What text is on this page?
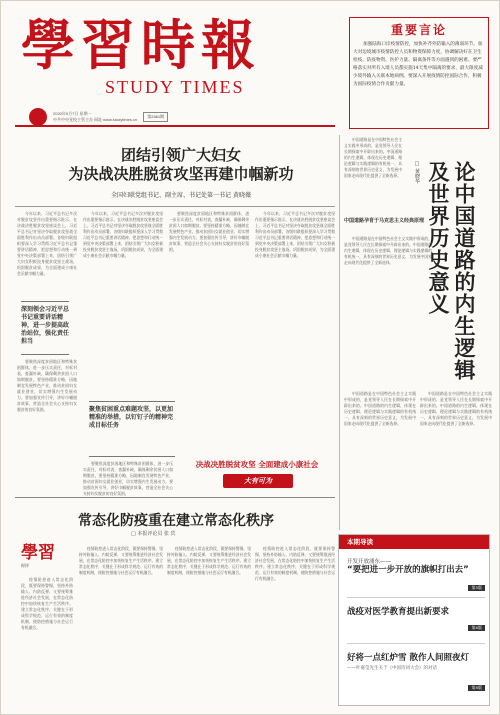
學習時報
STUDY TIMES
2020年9月7日 星期一
中共中央党校主管主办 网址:www.studytimes.cn
第2461期
重要言论
加强陆海口岸疫情防控，加快补齐外防输入的薄弱环节。加大对边境城市疫情防控人员和物资保障力度，协调解决好在卫生检疫、防疫物资、医护力量、隔离条件等方面遇到的困难。要严格落实对所有入境人员都实施14天集中隔离的要求，最大限度减少境外输入关联本地病例。要深入开展疫情防控国际合作，积极为国际疫情合作贡献力量。
团结引领广大妇女
为决战决胜脱贫攻坚再建巾帼新功
全国妇联党组书记、副主席、书记处第一书记 黄晓薇

今年以来，习近平总书记多次对脱贫攻坚作出重要指示批示，在决战决胜脱贫攻坚座谈会上，习近平总书记对坚决夺取脱贫攻坚战全面胜利作出动员部署。各级妇联组织要深入学习贯彻习近平总书记重要讲话精神，把思想和行动统一到党中央决策部署上来，团结引领广大妇女积极投身脱贫攻坚主战场，巩固脱贫成果，为全面建成小康社会贡献巾帼力量。

要聚焦深度贫困地区和特殊贫困群体，进一步压实责任，对标对表，查漏补缺，确保剩余贫困人口如期脱贫。要坚持精准方略，因地制宜发展特色产业，推动贫困妇女就业创业，切实增强内生发展动力。要加强宣传引导，讲好巾帼脱贫故事，营造全社会关心支持妇女脱贫的良好氛围。

今年以来，习近平总书记多次对脱贫攻坚作出重要指示批示，在决战决胜脱贫攻坚座谈会上，习近平总书记对坚决夺取脱贫攻坚战全面胜利作出动员部署。各级妇联组织要深入学习贯彻习近平总书记重要讲话精神，把思想和行动统一到党中央决策部署上来，团结引领广大妇女积极投身脱贫攻坚主战场，巩固脱贫成果，为全面建成小康社会贡献巾帼力量。

要聚焦深度贫困地区和特殊贫困群体，进一步压实责任，对标对表，查漏补缺，确保剩余贫困人口如期脱贫。要坚持精准方略，因地制宜发展特色产业，推动贫困妇女就业创业，切实增强内生发展动力。要加强宣传引导，讲好巾帼脱贫故事，营造全社会关心支持妇女脱贫的良好氛围。

今年以来，习近平总书记多次对脱贫攻坚作出重要指示批示，在决战决胜脱贫攻坚座谈会上，习近平总书记对坚决夺取脱贫攻坚战全面胜利作出动员部署。各级妇联组织要深入学习贯彻习近平总书记重要讲话精神，把思想和行动统一到党中央决策部署上来，团结引领广大妇女积极投身脱贫攻坚主战场，巩固脱贫成果，为全面建成小康社会贡献巾帼力量。

要聚焦深度贫困地区和特殊贫困群体，进一步压实责任，对标对表，查漏补缺，确保剩余贫困人口如期脱贫。要坚持精准方略，因地制宜发展特色产业，推动贫困妇女就业创业，切实增强内生发展动力。要加强宣传引导，讲好巾帼脱贫故事，营造全社会关心支持妇女脱贫的良好氛围。

深刻领会习近平总书记重要讲话精神，进一步提高政治站位，强化责任担当
聚焦贫困重点难题攻坚，以更加精准的举措，以钉钉子的精神完成目标任务
决战决胜脱贫攻坚 全面建成小康社会
大有可为
论中国道路的内生逻辑及世界历史意义
□ 黄晓华
中国道路孕育于马克思主义经典原理

中国道路是在中国特色社会主义实践中形成的，是党领导人民在长期探索中开辟出来的。中国道路的内生逻辑，体现在历史逻辑、理论逻辑与实践逻辑的有机统一，具有深刻的世界历史意义，为发展中国家走向现代化提供了全新选择。

中国道路是在中国特色社会主义实践中形成的，是党领导人民在长期探索中开辟出来的。中国道路的内生逻辑，体现在历史逻辑、理论逻辑与实践逻辑的有机统一，具有深刻的世界历史意义，为发展中国家走向现代化提供了全新选择。

中国道路是在中国特色社会主义实践中形成的，是党领导人民在长期探索中开辟出来的。中国道路的内生逻辑，体现在历史逻辑、理论逻辑与实践逻辑的有机统一，具有深刻的世界历史意义，为发展中国家走向现代化提供了全新选择。

中国道路是在中国特色社会主义实践中形成的，是党领导人民在长期探索中开辟出来的。中国道路的内生逻辑，体现在历史逻辑、理论逻辑与实践逻辑的有机统一，具有深刻的世界历史意义，为发展中国家走向现代化提供了全新选择。

常态化防疫重在建立常态化秩序
□ 本报评论员 张 宾
學習
时评

疫情防控进入常态化阶段，既要保持警惕，坚持外防输入、内防反弹，又要统筹推进经济社会发展，在常态化防控中加快恢复生产生活秩序。建立常态化秩序，关键在于形成科学规范、运行有效的制度机制，使防控措施与社会运行有机融合。

疫情防控进入常态化阶段，既要保持警惕，坚持外防输入、内防反弹，又要统筹推进经济社会发展，在常态化防控中加快恢复生产生活秩序。建立常态化秩序，关键在于形成科学规范、运行有效的制度机制，使防控措施与社会运行有机融合。

疫情防控进入常态化阶段，既要保持警惕，坚持外防输入、内防反弹，又要统筹推进经济社会发展，在常态化防控中加快恢复生产生活秩序。建立常态化秩序，关键在于形成科学规范、运行有效的制度机制，使防控措施与社会运行有机融合。

疫情防控进入常态化阶段，既要保持警惕，坚持外防输入、内防反弹，又要统筹推进经济社会发展，在常态化防控中加快恢复生产生活秩序。建立常态化秩序，关键在于形成科学规范、运行有效的制度机制，使防控措施与社会运行有机融合。

本期导读
开发开放浦东——
“要把进一步开放的旗帜打出去”
第5版
战疫对医学教育提出新要求
第6版
好将一点红炉雪 散作人间照夜灯
——叶嘉莹先生关于《中国诗词大会》的对话
第8版
